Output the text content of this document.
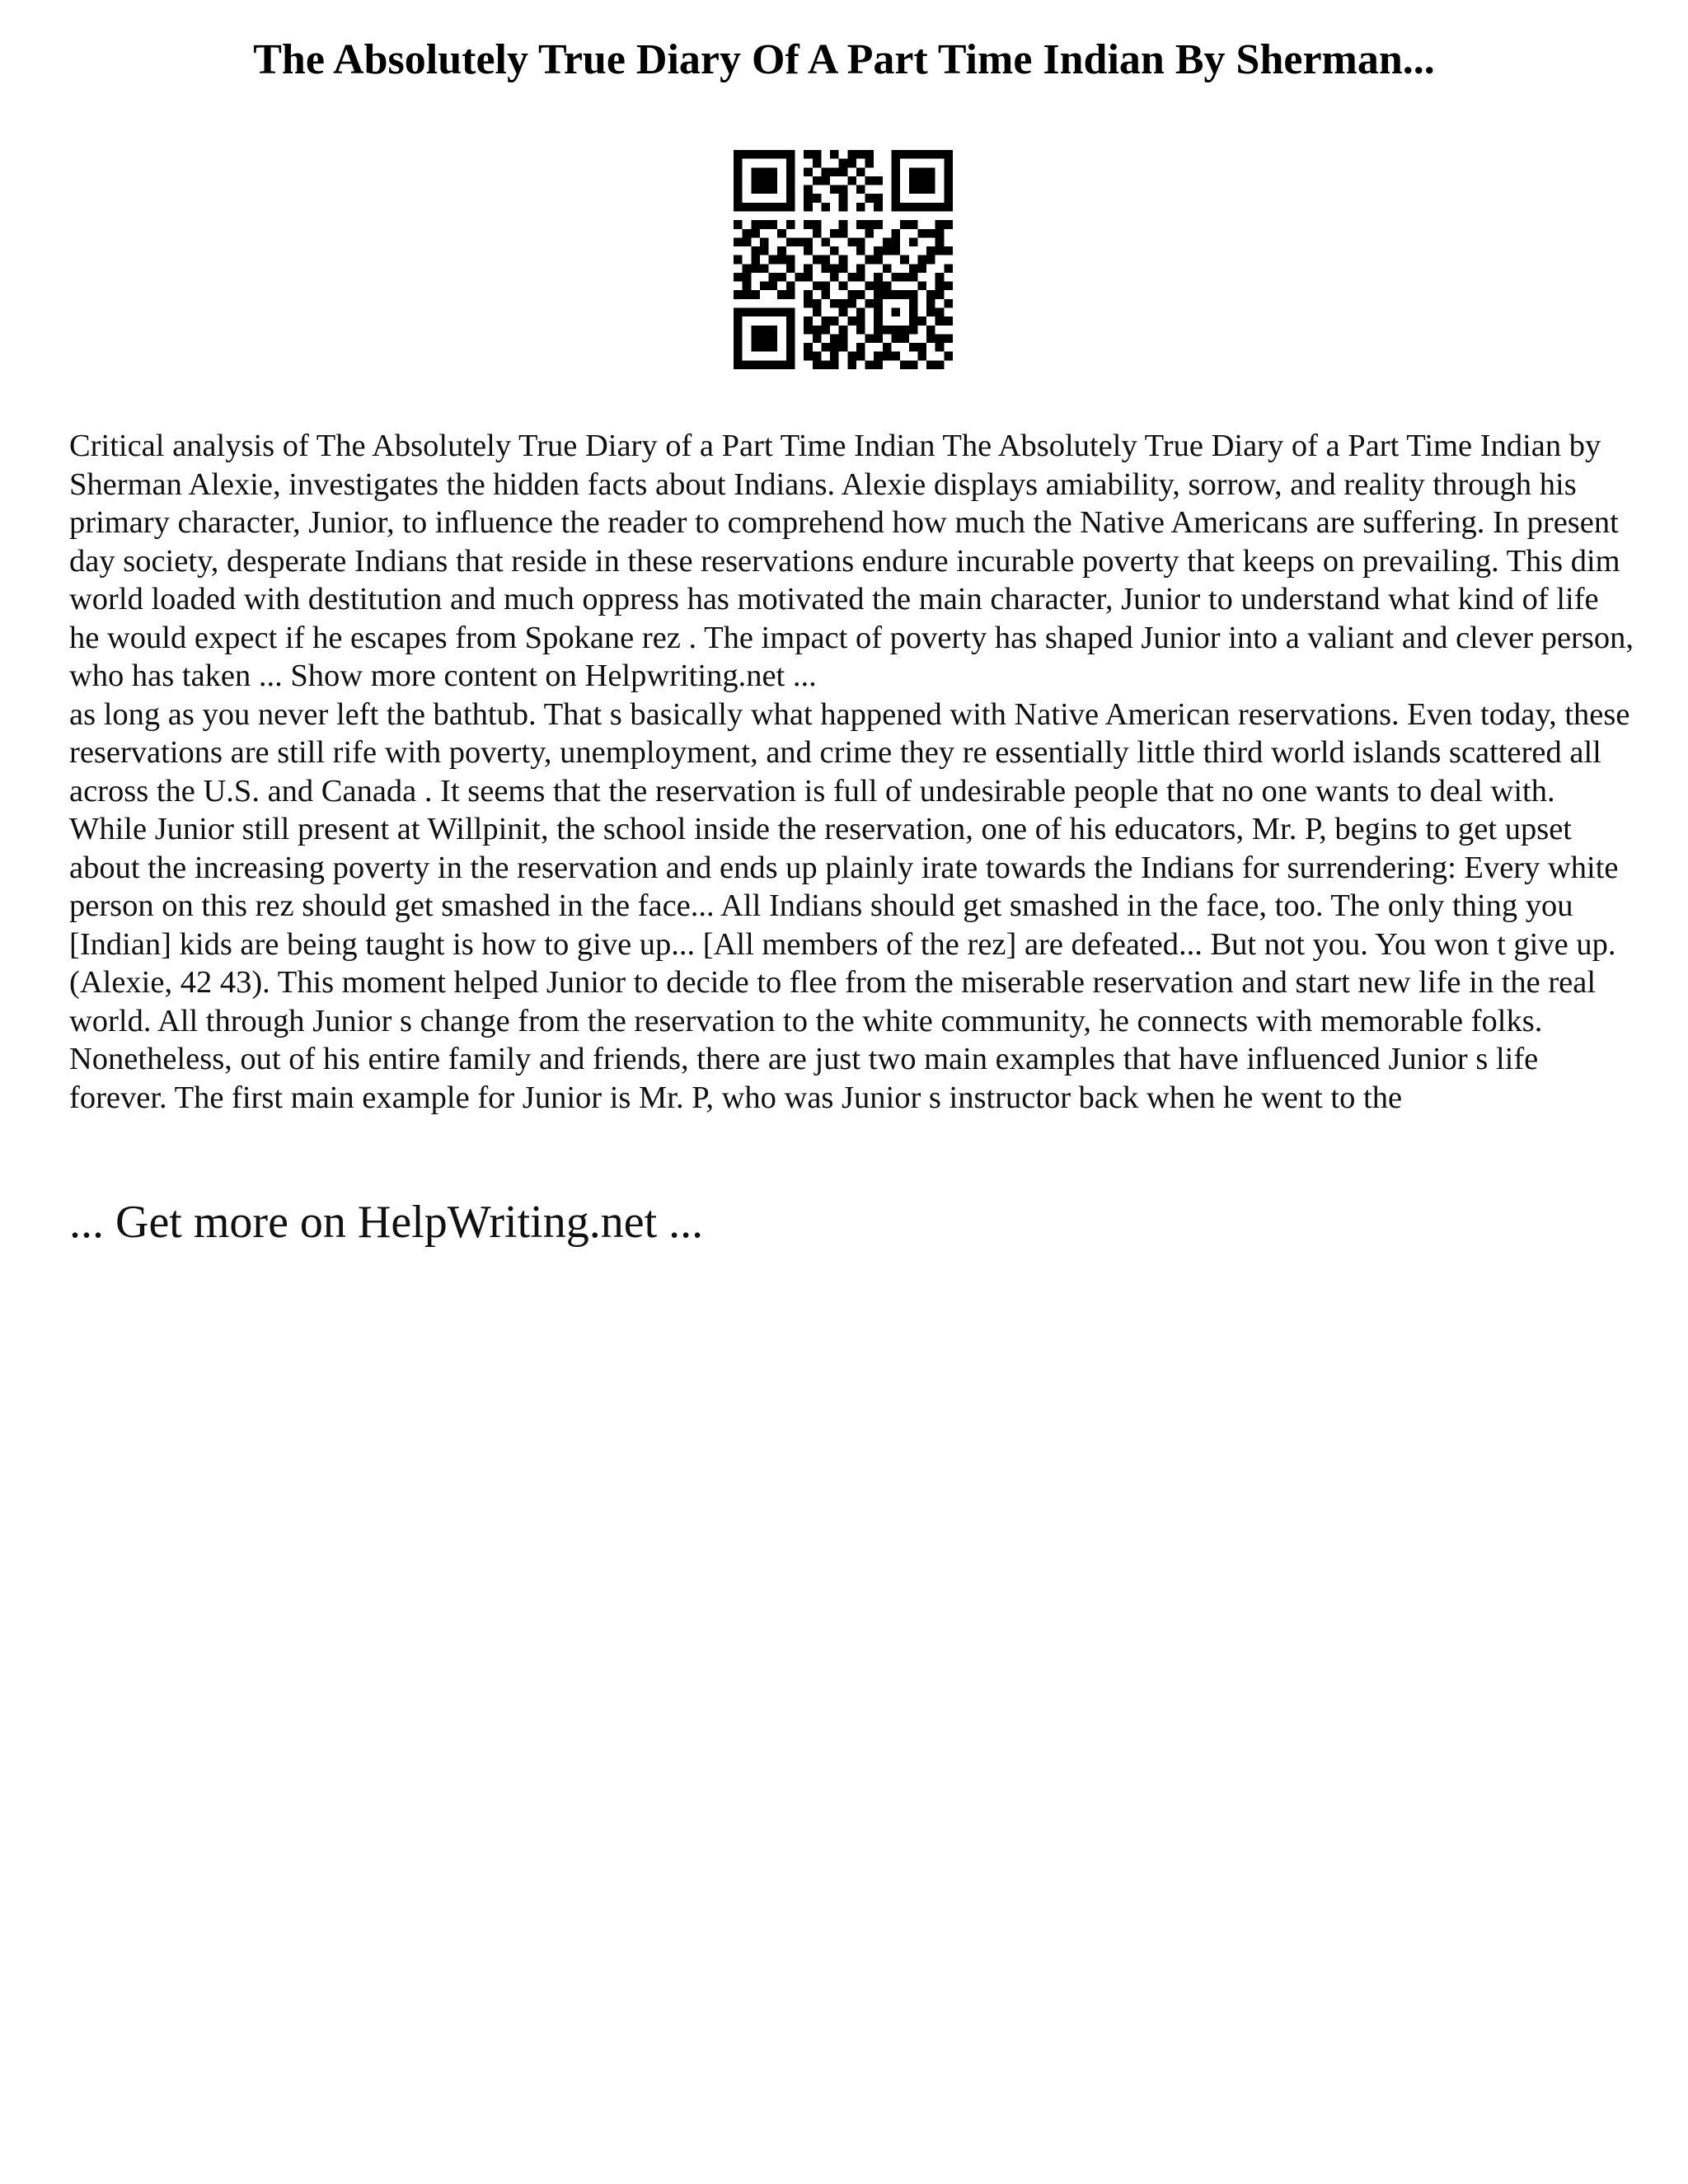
The Absolutely True Diary Of A Part Time Indian By Sherman...

Critical analysis of The Absolutely True Diary of a Part Time Indian The Absolutely True Diary of a Part Time Indian by Sherman Alexie, investigates the hidden facts about Indians. Alexie displays amiability, sorrow, and reality through his primary character, Junior, to influence the reader to comprehend how much the Native Americans are suffering. In present day society, desperate Indians that reside in these reservations endure incurable poverty that keeps on prevailing. This dim world loaded with destitution and much oppress has motivated the main character, Junior to understand what kind of life he would expect if he escapes from Spokane rez . The impact of poverty has shaped Junior into a valiant and clever person, who has taken ... Show more content on Helpwriting.net ...

as long as you never left the bathtub. That s basically what happened with Native American reservations. Even today, these reservations are still rife with poverty, unemployment, and crime they re essentially little third world islands scattered all across the U.S. and Canada . It seems that the reservation is full of undesirable people that no one wants to deal with. While Junior still present at Willpinit, the school inside the reservation, one of his educators, Mr. P, begins to get upset about the increasing poverty in the reservation and ends up plainly irate towards the Indians for surrendering: Every white person on this rez should get smashed in the face... All Indians should get smashed in the face, too. The only thing you [Indian] kids are being taught is how to give up... [All members of the rez] are defeated... But not you. You won t give up. (Alexie, 42 43). This moment helped Junior to decide to flee from the miserable reservation and start new life in the real world. All through Junior s change from the reservation to the white community, he connects with memorable folks. Nonetheless, out of his entire family and friends, there are just two main examples that have influenced Junior s life forever. The first main example for Junior is Mr. P, who was Junior s instructor back when he went to the

... Get more on HelpWriting.net ...
